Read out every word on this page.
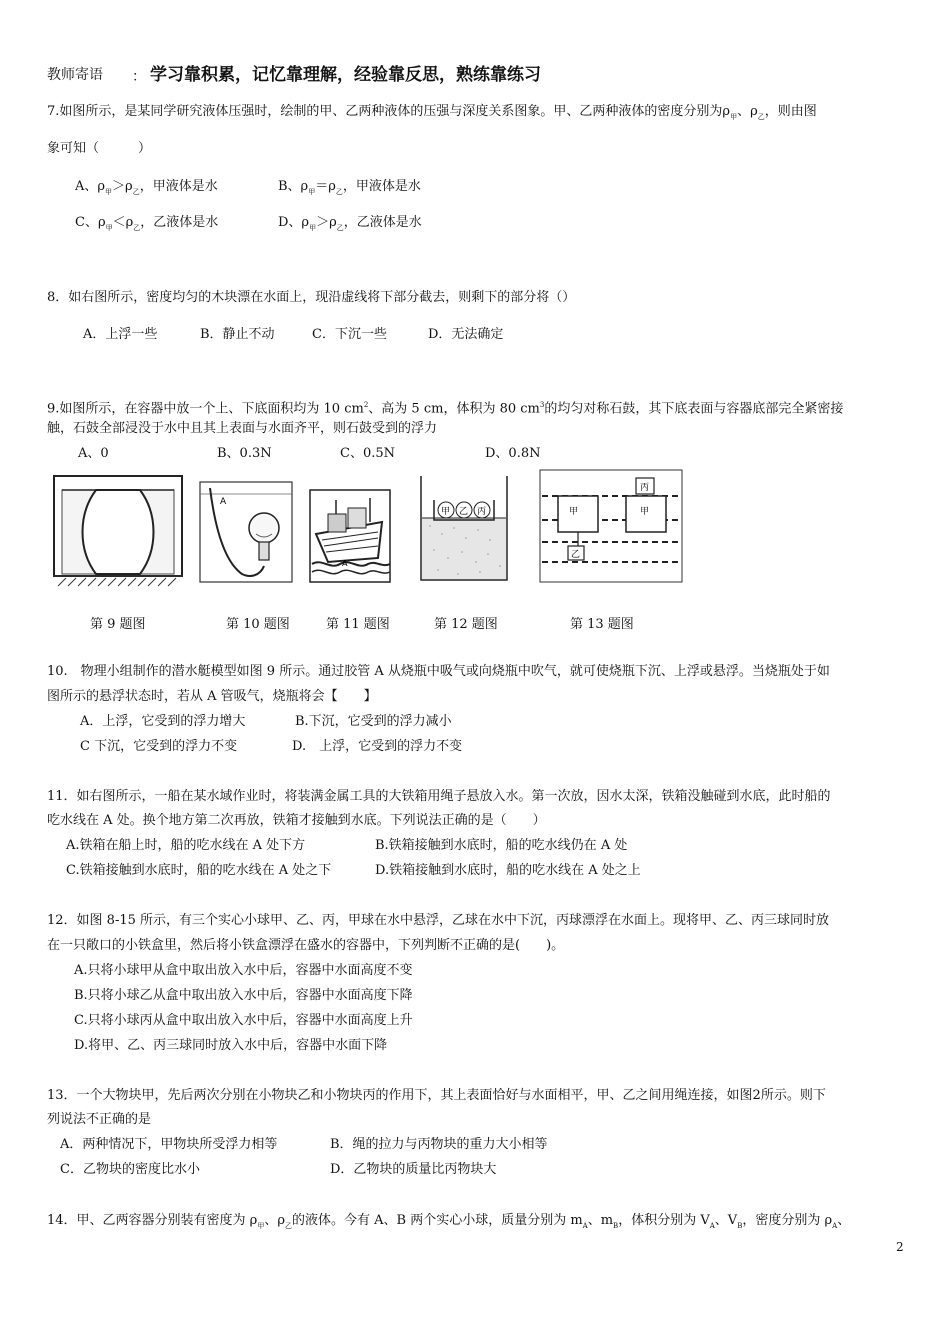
教师寄语 ： 学习靠积累，记忆靠理解，经验靠反思，熟练靠练习
7.如图所示，是某同学研究液体压强时，绘制的甲、乙两种液体的压强与深度关系图象。甲、乙两种液体的密度分别为$\rho_甲$、$\rho_乙$，则由图
象可知（　　　）
A、$\rho_甲>\rho_乙$，甲液体是水	B、$\rho_甲=\rho_乙$，甲液体是水
C、$\rho_甲<\rho_乙$，乙液体是水	D、$\rho_甲>\rho_乙$，乙液体是水
8．如右图所示，密度均匀的木块漂在水面上，现沿虚线将下部分截去，则剩下的部分将（）
A．上浮一些	B．静止不动	C．下沉一些	D．无法确定
9.如图所示，在容器中放一个上、下底面积均为 10 $cm^2$、高为 5 cm，体积为 80 $cm^3$的均匀对称石鼓，其下底表面与容器底部完全紧密接
触，石鼓全部浸没于水中且其上表面与水面齐平，则石鼓受到的浮力
A、0	B、0.3N	C、0.5N	D、0.8N
第 9 题图
A
第 10 题图
A
第 11 题图
甲 乙 丙
第 12 题图
甲	甲
丙
乙
第 13 题图
10.　物理小组制作的潜水艇模型如图 9 所示。通过胶管 A 从烧瓶中吸气或向烧瓶中吹气，就可使烧瓶下沉、上浮或悬浮。当烧瓶处于如
图所示的悬浮状态时，若从 A 管吸气，烧瓶将会【　　】
A．上浮，它受到的浮力增大	B.下沉，它受到的浮力减小
C 下沉，它受到的浮力不变	D.　上浮，它受到的浮力不变
11．如右图所示，一船在某水域作业时，将装满金属工具的大铁箱用绳子悬放入水。第一次放，因水太深，铁箱没触碰到水底，此时船的
吃水线在 A 处。换个地方第二次再放，铁箱才接触到水底。下列说法正确的是（　　）
A.铁箱在船上时，船的吃水线在 A 处下方	B.铁箱接触到水底时，船的吃水线仍在 A 处
C.铁箱接触到水底时，船的吃水线在 A 处之下	D.铁箱接触到水底时，船的吃水线在 A 处之上
12．如图 8-15 所示，有三个实心小球甲、乙、丙，甲球在水中悬浮，乙球在水中下沉，丙球漂浮在水面上。现将甲、乙、丙三球同时放
在一只敞口的小铁盒里，然后将小铁盒漂浮在盛水的容器中，下列判断不正确的是(　　)。
A.只将小球甲从盒中取出放入水中后，容器中水面高度不变
B.只将小球乙从盒中取出放入水中后，容器中水面高度下降
C.只将小球丙从盒中取出放入水中后，容器中水面高度上升
D.将甲、乙、丙三球同时放入水中后，容器中水面下降
13．一个大物块甲，先后两次分别在小物块乙和小物块丙的作用下，其上表面恰好与水面相平，甲、乙之间用绳连接，如图2所示。则下
列说法不正确的是
A．两种情况下，甲物块所受浮力相等	B．绳的拉力与丙物块的重力大小相等
C．乙物块的密度比水小	D．乙物块的质量比丙物块大
14．甲、乙两容器分别装有密度为 $\rho_甲$、$\rho_乙$的液体。今有 A、B 两个实心小球，质量分别为 $m_A$、$m_B$，体积分别为 $V_A$、$V_B$，密度分别为 $\rho_A$、
2
